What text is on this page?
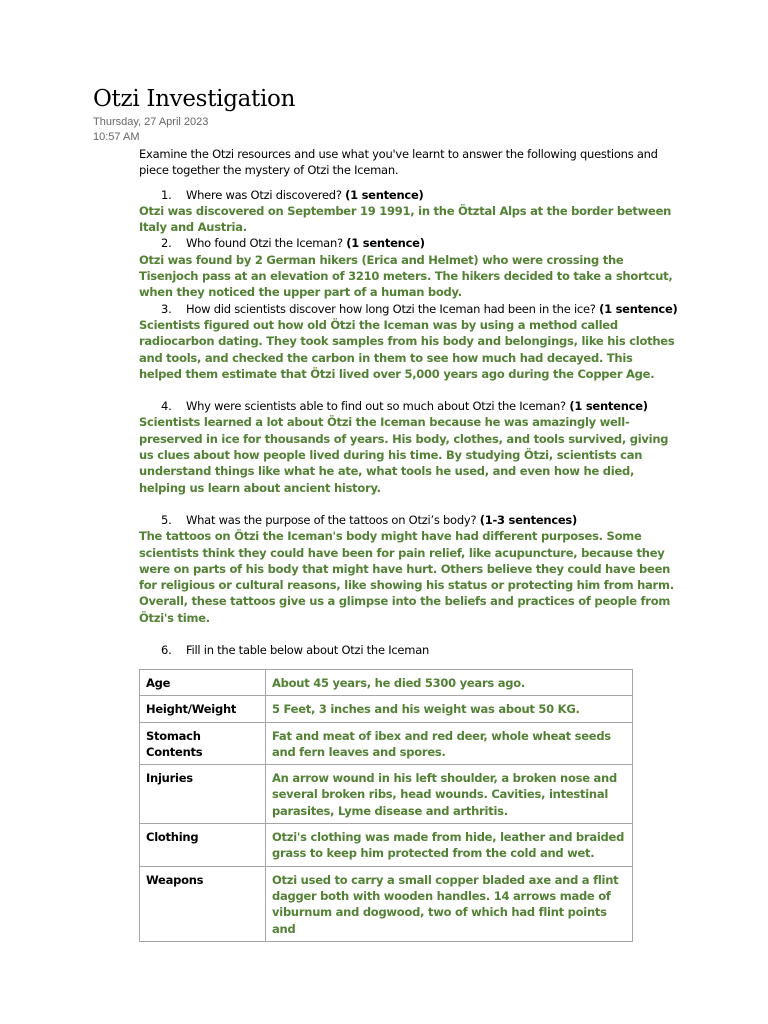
Otzi Investigation
Thursday, 27 April 2023
10:57 AM

Examine the Otzi resources and use what you've learnt to answer the following questions and piece together the mystery of Otzi the Iceman.

1. Where was Otzi discovered? (1 sentence)

Otzi was discovered on September 19 1991, in the Ötztal Alps at the border between Italy and Austria.

2. Who found Otzi the Iceman? (1 sentence)

Otzi was found by 2 German hikers (Erica and Helmet) who were crossing the Tisenjoch pass at an elevation of 3210 meters. The hikers decided to take a shortcut, when they noticed the upper part of a human body.

3. How did scientists discover how long Otzi the Iceman had been in the ice? (1 sentence)

Scientists figured out how old Ötzi the Iceman was by using a method called radiocarbon dating. They took samples from his body and belongings, like his clothes and tools, and checked the carbon in them to see how much had decayed. This helped them estimate that Ötzi lived over 5,000 years ago during the Copper Age.

4. Why were scientists able to find out so much about Otzi the Iceman? (1 sentence)

Scientists learned a lot about Ötzi the Iceman because he was amazingly well-preserved in ice for thousands of years. His body, clothes, and tools survived, giving us clues about how people lived during his time. By studying Ötzi, scientists can understand things like what he ate, what tools he used, and even how he died, helping us learn about ancient history.

5. What was the purpose of the tattoos on Otzi’s body? (1-3 sentences)

The tattoos on Ötzi the Iceman's body might have had different purposes. Some scientists think they could have been for pain relief, like acupuncture, because they were on parts of his body that might have hurt. Others believe they could have been for religious or cultural reasons, like showing his status or protecting him from harm. Overall, these tattoos give us a glimpse into the beliefs and practices of people from Ötzi's time.

6. Fill in the table below about Otzi the Iceman

Age	About 45 years, he died 5300 years ago.
Height/Weight	5 Feet, 3 inches and his weight was about 50 KG.
Stomach Contents	Fat and meat of ibex and red deer, whole wheat seeds and fern leaves and spores.
Injuries	An arrow wound in his left shoulder, a broken nose and several broken ribs, head wounds. Cavities, intestinal parasites, Lyme disease and arthritis.
Clothing	Otzi's clothing was made from hide, leather and braided grass to keep him protected from the cold and wet.
Weapons	Otzi used to carry a small copper bladed axe and a flint dagger both with wooden handles. 14 arrows made of viburnum and dogwood, two of which had flint points and
